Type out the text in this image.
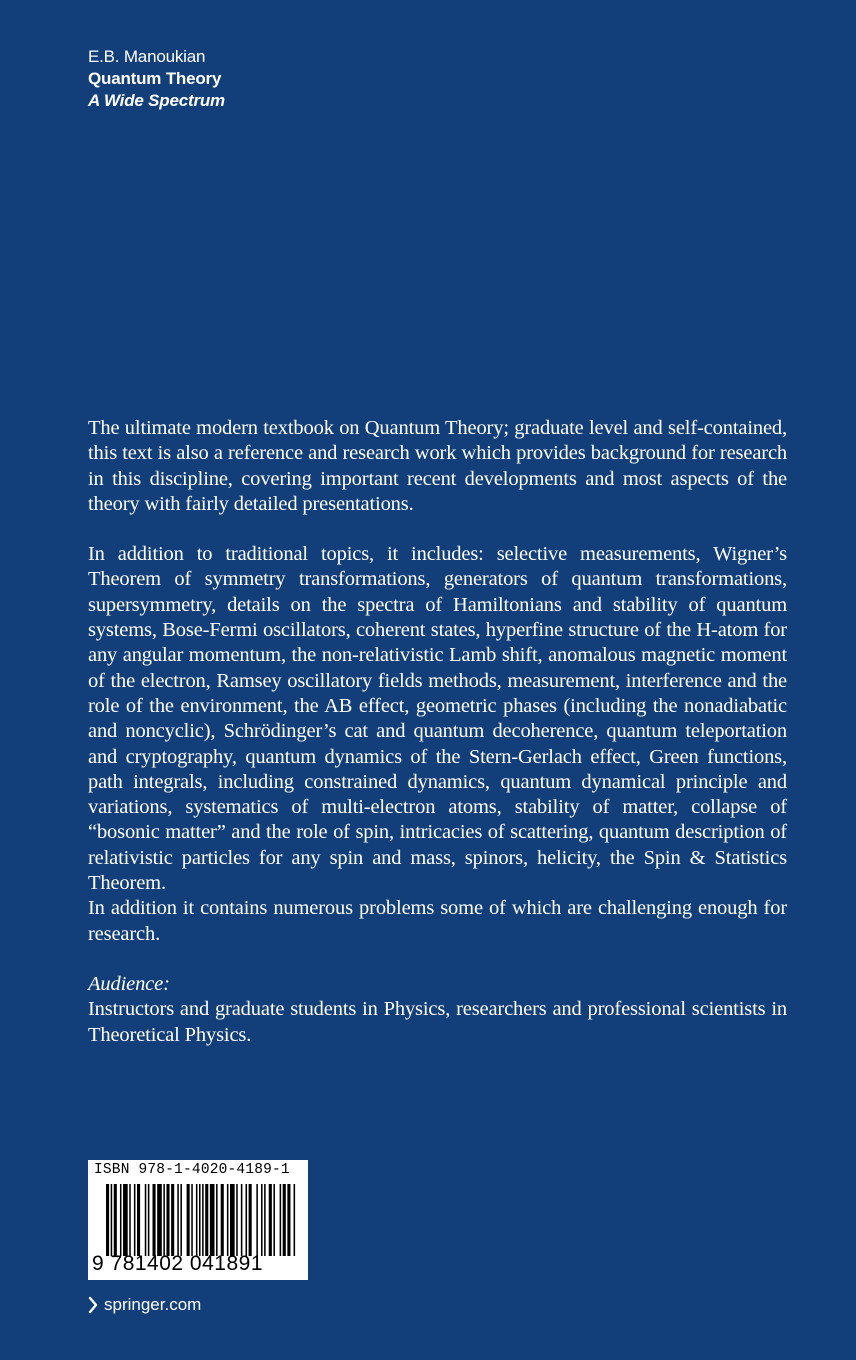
E.B. Manoukian
Quantum Theory
A Wide Spectrum

The ultimate modern textbook on Quantum Theory; graduate level and self-contained, this text is also a reference and research work which provides background for research in this discipline, covering important recent developments and most aspects of the theory with fairly detailed presentations.

In addition to traditional topics, it includes: selective measurements, Wigner’s Theorem of symmetry transformations, generators of quantum transformations, supersymmetry, details on the spectra of Hamiltonians and stability of quantum systems, Bose-Fermi oscillators, coherent states, hyperfine structure of the H-atom for any angular momentum, the non-relativistic Lamb shift, anomalous magnetic moment of the electron, Ramsey oscillatory fields methods, measurement, interference and the role of the environment, the AB effect, geometric phases (including the nonadiabatic and noncyclic), Schrödinger’s cat and quantum decoherence, quantum teleportation and cryptography, quantum dynamics of the Stern-Gerlach effect, Green functions, path integrals, including constrained dynamics, quantum dynamical principle and variations, systematics of multi-electron atoms, stability of matter, collapse of “bosonic matter” and the role of spin, intricacies of scattering, quantum description of relativistic particles for any spin and mass, spinors, helicity, the Spin & Statistics Theorem.

In addition it contains numerous problems some of which are challenging enough for research.

Audience:

Instructors and graduate students in Physics, researchers and professional scientists in Theoretical Physics.

ISBN 978-1-4020-4189-1
9 781402 041891
springer.com
